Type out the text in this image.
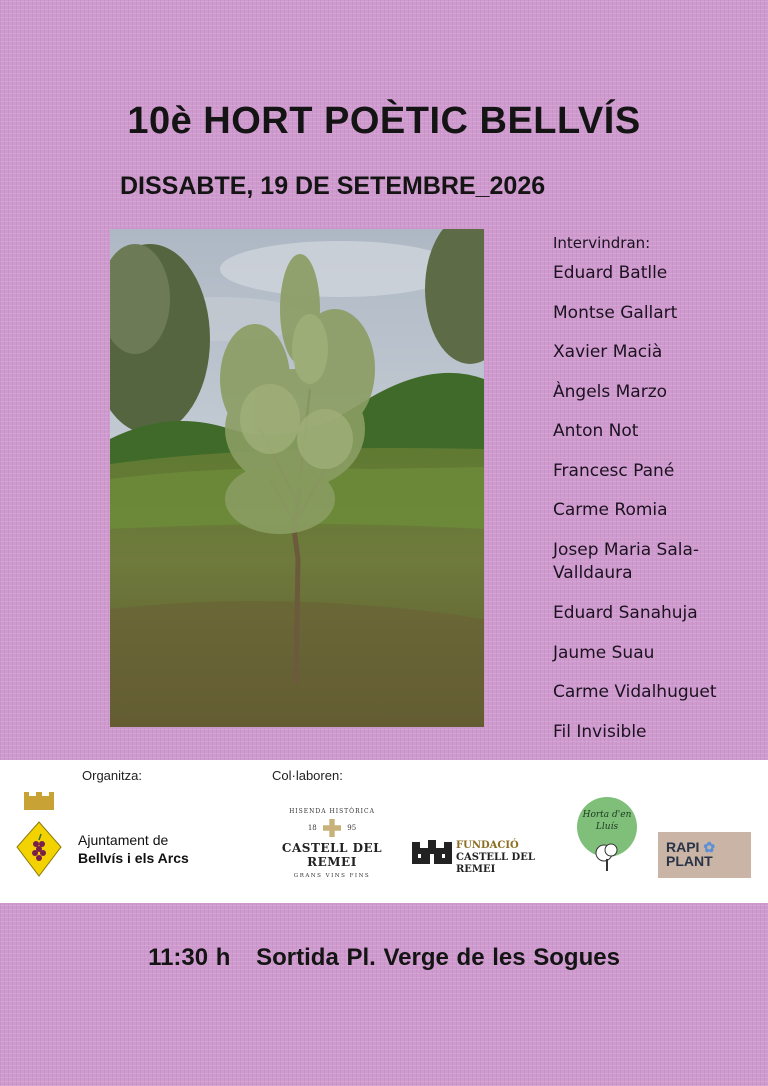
10è HORT POÈTIC BELLVÍS
DISSABTE, 19 DE SETEMBRE_2026
Intervindran:
Eduard Batlle
Montse Gallart
Xavier Macià
Àngels Marzo
Anton Not
Francesc Pané
Carme Romia
Josep Maria Sala-Valldaura
Eduard Sanahuja
Jaume Suau
Carme Vidalhuguet
Fil Invisible
Organitza:	Col·laboren:
Ajuntament de
Bellvís i els Arcs
HISENDA HISTÒRICA
18	95
CASTELL DEL REMEI
GRANS VINS FINS
FUNDACIÓ
CASTELL DEL REMEI
Horta d'en
Lluís
RAPI ✿
PLANT
11:30 h Sortida Pl. Verge de les Sogues
